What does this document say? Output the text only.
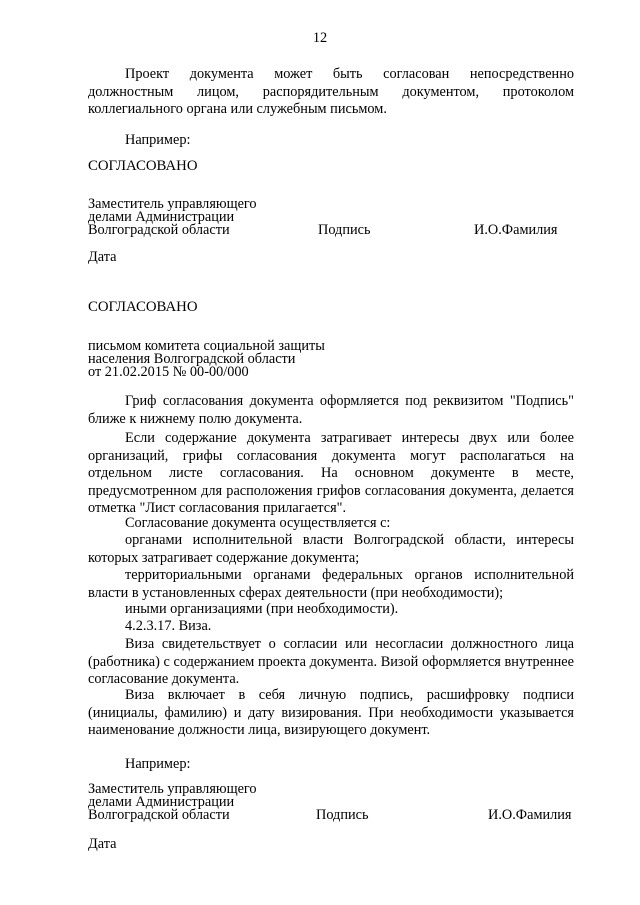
12
Проект документа может быть согласован непосредственно должностным лицом, распорядительным документом, протоколом коллегиального органа или служебным письмом.
Например:
СОГЛАСОВАНО
Заместитель управляющего
делами Администрации
Волгоградской области	Подпись	И.О.Фамилия
Дата
СОГЛАСОВАНО
письмом комитета социальной защиты
населения Волгоградской области
от 21.02.2015 № 00-00/000
Гриф согласования документа оформляется под реквизитом "Подпись" ближе к нижнему полю документа.
Если содержание документа затрагивает интересы двух или более организаций, грифы согласования документа могут располагаться на отдельном листе согласования. На основном документе в месте, предусмотренном для расположения грифов согласования документа, делается отметка "Лист согласования прилагается".
Согласование документа осуществляется с:
органами исполнительной власти Волгоградской области, интересы которых затрагивает содержание документа;
территориальными органами федеральных органов исполнительной власти в установленных сферах деятельности (при необходимости);
иными организациями (при необходимости).
4.2.3.17. Виза.
Виза свидетельствует о согласии или несогласии должностного лица (работника) с содержанием проекта документа. Визой оформляется внутреннее согласование документа.
Виза включает в себя личную подпись, расшифровку подписи (инициалы, фамилию) и дату визирования. При необходимости указывается наименование должности лица, визирующего документ.
Например:
Заместитель управляющего
делами Администрации
Волгоградской области	Подпись	И.О.Фамилия
Дата
